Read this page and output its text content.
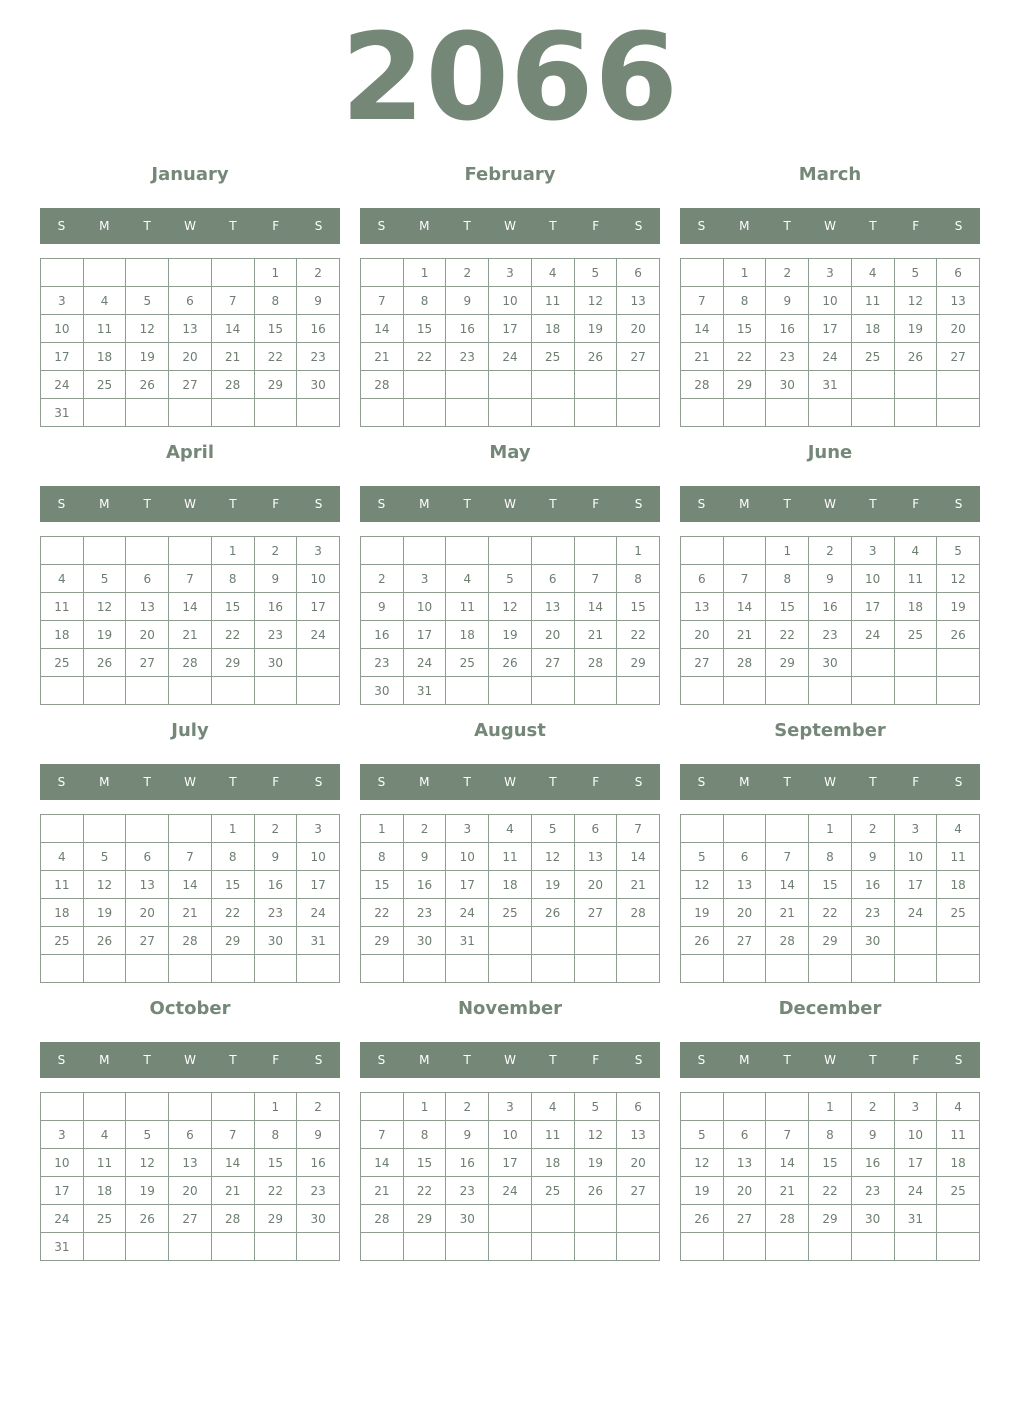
2066
January
S	M	T	W	T	F	S
					1	2
3	4	5	6	7	8	9
10	11	12	13	14	15	16
17	18	19	20	21	22	23
24	25	26	27	28	29	30
31						
February
S	M	T	W	T	F	S
	1	2	3	4	5	6
7	8	9	10	11	12	13
14	15	16	17	18	19	20
21	22	23	24	25	26	27
28						

March
S	M	T	W	T	F	S
	1	2	3	4	5	6
7	8	9	10	11	12	13
14	15	16	17	18	19	20
21	22	23	24	25	26	27
28	29	30	31			

April
S	M	T	W	T	F	S
				1	2	3
4	5	6	7	8	9	10
11	12	13	14	15	16	17
18	19	20	21	22	23	24
25	26	27	28	29	30	

May
S	M	T	W	T	F	S
						1
2	3	4	5	6	7	8
9	10	11	12	13	14	15
16	17	18	19	20	21	22
23	24	25	26	27	28	29
30	31					
June
S	M	T	W	T	F	S
		1	2	3	4	5
6	7	8	9	10	11	12
13	14	15	16	17	18	19
20	21	22	23	24	25	26
27	28	29	30			

July
S	M	T	W	T	F	S
				1	2	3
4	5	6	7	8	9	10
11	12	13	14	15	16	17
18	19	20	21	22	23	24
25	26	27	28	29	30	31

August
S	M	T	W	T	F	S
1	2	3	4	5	6	7
8	9	10	11	12	13	14
15	16	17	18	19	20	21
22	23	24	25	26	27	28
29	30	31				

September
S	M	T	W	T	F	S
			1	2	3	4
5	6	7	8	9	10	11
12	13	14	15	16	17	18
19	20	21	22	23	24	25
26	27	28	29	30		

October
S	M	T	W	T	F	S
					1	2
3	4	5	6	7	8	9
10	11	12	13	14	15	16
17	18	19	20	21	22	23
24	25	26	27	28	29	30
31						
November
S	M	T	W	T	F	S
	1	2	3	4	5	6
7	8	9	10	11	12	13
14	15	16	17	18	19	20
21	22	23	24	25	26	27
28	29	30				

December
S	M	T	W	T	F	S
			1	2	3	4
5	6	7	8	9	10	11
12	13	14	15	16	17	18
19	20	21	22	23	24	25
26	27	28	29	30	31	
